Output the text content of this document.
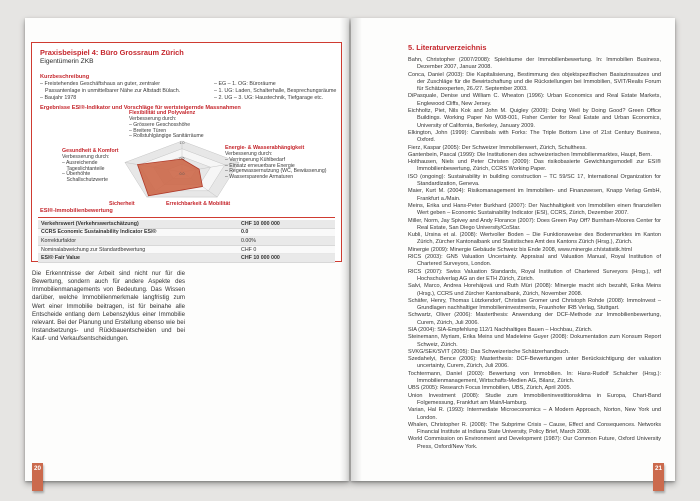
Praxisbeispiel 4: Büro Grossraum Zürich
Eigentümerin ZKB
Kurzbeschreibung
– Freistehendes Geschäftshaus an guter, zentraler Passantenlage in unmittelbarer Nähe zur Altstadt Bülach.
– Baujahr 1978
– EG – 1. OG: Büroräume
– 1. UG: Laden, Schalterhalle, Besprechungsräume
– 2. UG – 3. UG: Haustechnik, Tiefgarage etc.
Ergebnisse ESI®-Indikator und Vorschläge für wertsteigernde Massnahmen
1.0
0.5
0.0
Flexibilität und Polyvalenz
Verbesserung durch:
– Grössere Geschosshöhe
– Breitere Türen
– Rollstuhlgängige Sanitärräume
Energie- & Wasserabhängigkeit
Verbesserung durch:
– Verringerung Kühlbedarf
– Einsatz erneuerbare Energie
– Regenwassernutzung (WC, Bewässerung)
– Wassersparende Armaturen
Gesundheit & Komfort
Verbesserung durch:
– Ausreichende Tageslichtanteile
– Überhöhte Schallschutzwerte
Sicherheit	Erreichbarkeit & Mobilität
ESI®-Immobilienbewertung
Verkehrswert (Verkehrswertschätzung)	CHF 10 000 000
CCRS Economic Sustainability Indicator ESI®	0.0
Korrekturfaktor	0.00%
Nominalabweichung zur Standardbewertung	CHF 0
ESI® Fair Value	CHF 10 000 000
Die Erkenntnisse der Arbeit sind nicht nur für die Bewertung, sondern auch für andere Aspekte des Immobilienmanagements von Bedeutung. Das Wissen darüber, welche Immobilienmerkmale langfristig zum Wert einer Immobilie beitragen, ist für beinahe alle Entscheide entlang dem Lebenszyklus einer Immobilie relevant. Bei der Planung und Erstellung ebenso wie bei Instandsetzungs- und Rückbauentscheiden und bei Kauf- und Verkaufsentscheidungen.
20
5. Literaturverzeichnis

Bahn, Christopher (2007/2008): Spielräume der Immobilienbewertung. In: Immobilien Business, Dezember 2007, Januar 2008.

Conca, Daniel (2003): Die Kapitalisierung, Bestimmung des objektspezifischen Basiszinssatzes und der Zuschläge für die Bewirtschaftung und die Rückstellungen bei Immobilien, SVIT/Realis Forum für Schätzexperten, 26./27. September 2003.

DiPasquale, Denise und William C. Wheaton (1996): Urban Economics and Real Estate Markets, Englewood Cliffs, New Jersey.

Eichholtz, Piet, Nils Kok and John M. Quigley (2009): Doing Well by Doing Good? Green Office Buildings. Working Paper No W08-001, Fisher Center for Real Estate and Urban Economics, University of California, Berkeley, January 2009.

Elkington, John (1999): Cannibals with Forks: The Triple Bottom Line of 21st Century Business, Oxford.

Fierz, Kaspar (2005): Der Schweizer Immobilienwert, Zürich, Schulthess.

Gantenbein, Pascal (1999): Die Institutionen des schweizerischen Immobilienmarktes, Haupt, Bern.

Holthausen, Niels und Peter Christen (2009): Das risikobasierte Gewichtungsmodell zur ESI® Immobilienbewertung, Zürich, CCRS Working Paper.

ISO (ongoing): Sustainability in building construction – TC 59/SC 17, International Organization for Standardization, Geneva.

Maier, Kurt M. (2004): Risikomanagement im Immobilien- und Finanzwesen, Knapp Verlag GmbH, Frankfurt a./Main.

Meins, Erika und Hans-Peter Burkhard (2007): Der Nachhaltigkeit von Immobilien einen finanziellen Wert geben – Economic Sustainability Indicator (ESI), CCRS, Zürich, Dezember 2007.

Miller, Norm, Jay Spivey and Andy Florance (2007): Does Green Pay Off? Burnham-Moores Center for Real Estate, San Diego University/CoStar.

Kubli, Ursina et al. (2008): Wertvoller Boden – Die Funktionsweise des Bodenmarktes im Kanton Zürich, Zürcher Kantonalbank und Statistisches Amt des Kantons Zürich (Hrsg.), Zürich.

Minergie (2009): Minergie Gebäude Schweiz bis Ende 2008, www.minergie.ch/statistik.html

RICS (2003): GN5 Valuation Uncertainty. Appraisal and Valuation Manual, Royal Institution of Chartered Surveyors, London.

RICS (2007): Swiss Valuation Standards, Royal Institution of Chartered Surveyors (Hrsg.), vdf Hochschulverlag AG an der ETH Zürich, Zürich.

Salvi, Marco, Andrea Horehájová und Ruth Müri (2008): Minergie macht sich bezahlt, Erika Meins (Hrsg.), CCRS und Zürcher Kantonalbank, Zürich, November 2008.

Schäfer, Henry, Thomas Lützkendorf, Christian Gromer und Christoph Rohde (2008): ImmoInvest – Grundlagen nachhaltiger Immobilieninvestments, Fraunhofer IRB Verlag, Stuttgart.

Schwartz, Oliver (2006): Masterthesis: Anwendung der DCF-Methode zur Immobilienbewertung, Curem, Zürich, Juli 2006.

SIA (2004): SIA-Empfehlung 112/1 Nachhaltiges Bauen – Hochbau, Zürich.

Steinemann, Myriam, Erika Meins und Madeleine Guyer (2008): Dokumentation zum Konsum Report Schweiz, Zürich.

SVKG/SEK/SVIT (2005): Das Schweizerische Schätzerhandbuch.

Szedahelyi, Bence (2006): Masterthesis: DCF-Bewertungen unter Berücksichtigung der valuation uncertainty, Curem, Zürich, Juli 2006.

Tochtermann, Daniel (2003): Bewertung von Immobilien. In: Hans-Rudolf Schalcher (Hrsg.): Immobilienmanagement, Wirtschafts-Medien AG, Bilanz, Zürich.

UBS (2005): Research Focus Immobilien, UBS, Zürich, April 2005.

Union Investment (2008): Studie zum Immobilieninvestitionsklima in Europa, Chart-Band Folgemessung, Frankfurt am Main/Hamburg.

Varian, Hal R. (1993): Intermediate Microeconomics – A Modern Approach, Norton, New York und London.

Whalen, Christopher R. (2008): The Subprime Crisis – Cause, Effect and Consequences. Networks Financial Institute at Indiana State University, Policy Brief, March 2008.

World Commission on Environment and Development (1987): Our Common Future, Oxford University Press, Oxford/New York.

21
